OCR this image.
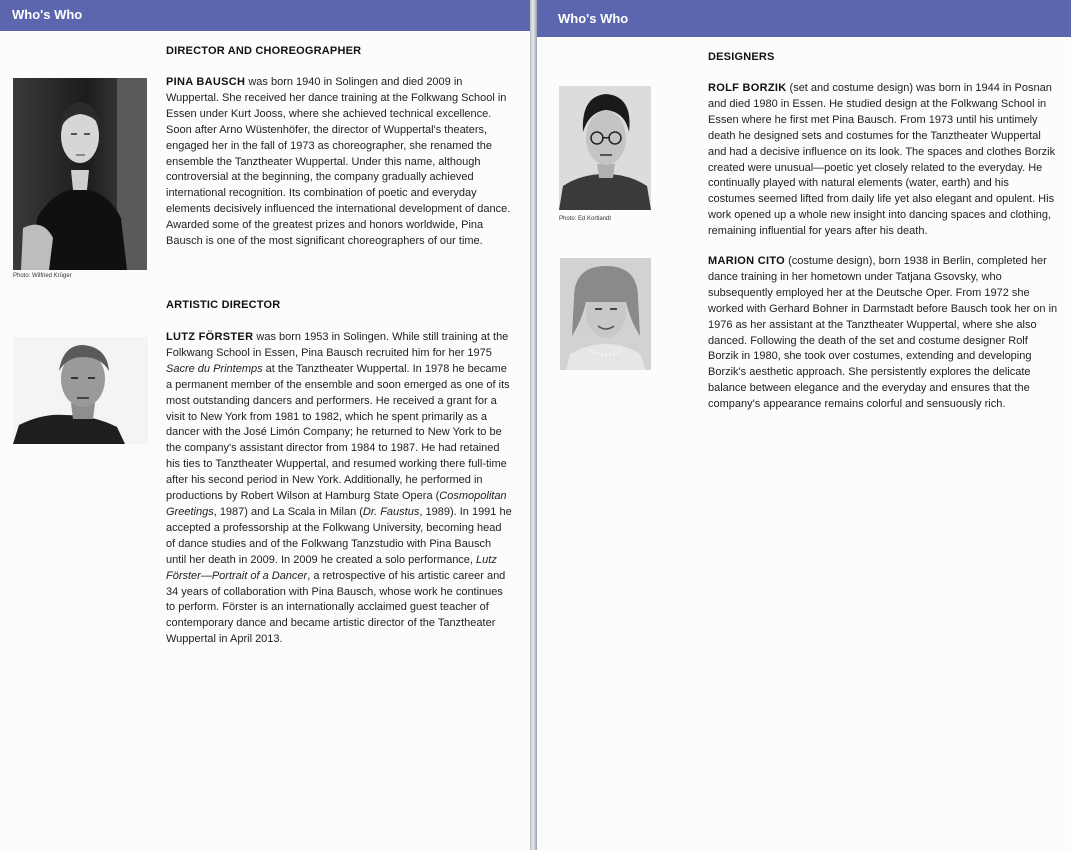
Who's Who
DIRECTOR AND CHOREOGRAPHER
Photo: Wilfried Krüger

PINA BAUSCH was born 1940 in Solingen and died 2009 in Wuppertal. She received her dance training at the Folkwang School in Essen under Kurt Jooss, where she achieved technical excellence. Soon after Arno Wüstenhöfer, the director of Wuppertal's theaters, engaged her in the fall of 1973 as choreographer, she renamed the ensemble the Tanztheater Wuppertal. Under this name, although controversial at the beginning, the company gradually achieved international recognition. Its combination of poetic and everyday elements decisively influenced the international development of dance. Awarded some of the greatest prizes and honors worldwide, Pina Bausch is one of the most significant choreographers of our time.

ARTISTIC DIRECTOR

LUTZ FÖRSTER was born 1953 in Solingen. While still training at the Folkwang School in Essen, Pina Bausch recruited him for her 1975 Sacre du Printemps at the Tanztheater Wuppertal. In 1978 he became a permanent member of the ensemble and soon emerged as one of its most outstanding dancers and performers. He received a grant for a visit to New York from 1981 to 1982, which he spent primarily as a dancer with the José Limón Company; he returned to New York to be the company's assistant director from 1984 to 1987. He had retained his ties to Tanztheater Wuppertal, and resumed working there full-time after his second period in New York. Additionally, he performed in productions by Robert Wilson at Hamburg State Opera (Cosmopolitan Greetings, 1987) and La Scala in Milan (Dr. Faustus, 1989). In 1991 he accepted a professorship at the Folkwang University, becoming head of dance studies and of the Folkwang Tanzstudio with Pina Bausch until her death in 2009. In 2009 he created a solo performance, Lutz Förster—Portrait of a Dancer, a retrospective of his artistic career and 34 years of collaboration with Pina Bausch, whose work he continues to perform. Förster is an internationally acclaimed guest teacher of contemporary dance and became artistic director of the Tanztheater Wuppertal in April 2013.

Who's Who
DESIGNERS
Photo: Ed Kortlandt

ROLF BORZIK (set and costume design) was born in 1944 in Posnan and died 1980 in Essen. He studied design at the Folkwang School in Essen where he first met Pina Bausch. From 1973 until his untimely death he designed sets and costumes for the Tanztheater Wuppertal and had a decisive influence on its look. The spaces and clothes Borzik created were unusual—poetic yet closely related to the everyday. He continually played with natural elements (water, earth) and his costumes seemed lifted from daily life yet also elegant and opulent. His work opened up a whole new insight into dancing spaces and clothing, remaining influential for years after his death.

MARION CITO (costume design), born 1938 in Berlin, completed her dance training in her hometown under Tatjana Gsovsky, who subsequently employed her at the Deutsche Oper. From 1972 she worked with Gerhard Bohner in Darmstadt before Bausch took her on in 1976 as her assistant at the Tanztheater Wuppertal, where she also danced. Following the death of the set and costume designer Rolf Borzik in 1980, she took over costumes, extending and developing Borzik's aesthetic approach. She persistently explores the delicate balance between elegance and the everyday and ensures that the company's appearance remains colorful and sensuously rich.
